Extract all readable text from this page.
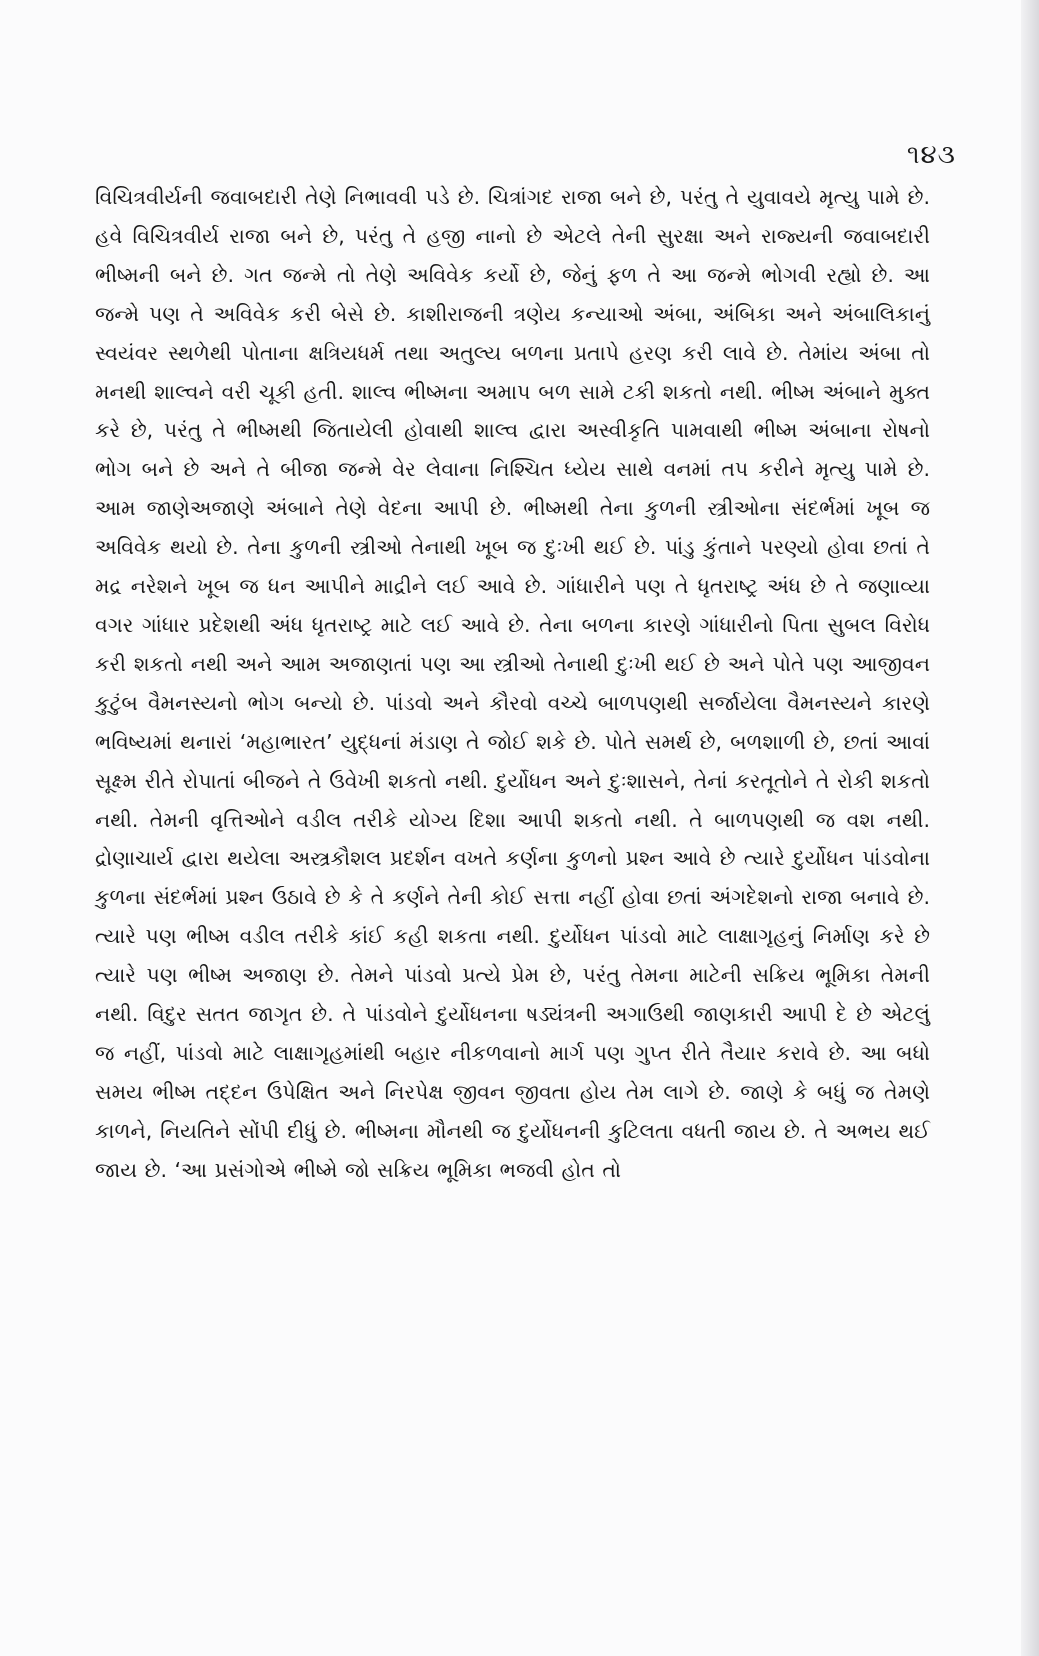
૧૪૩

વિચિત્રવીર્યની જવાબદારી તેણે નિભાવવી પડે છે. ચિત્રાંગદ રાજા બને છે, પરંતુ તે યુવાવયે મૃત્યુ પામે છે. હવે વિચિત્રવીર્ય રાજા બને છે, પરંતુ તે હજી નાનો છે એટલે તેની સુરક્ષા અને રાજ્યની જવાબદારી ભીષ્મની બને છે. ગત જન્મે તો તેણે અવિવેક કર્યો છે, જેનું ફળ તે આ જન્મે ભોગવી રહ્યો છે. આ જન્મે પણ તે અવિવેક કરી બેસે છે. કાશીરાજની ત્રણેય કન્યાઓ અંબા, અંબિકા અને અંબાલિકાનું સ્વયંવર સ્થળેથી પોતાના ક્ષત્રિયધર્મ તથા અતુલ્ય બળના પ્રતાપે હરણ કરી લાવે છે. તેમાંય અંબા તો મનથી શાલ્વને વરી ચૂકી હતી. શાલ્વ ભીષ્મના અમાપ બળ સામે ટકી શકતો નથી. ભીષ્મ અંબાને મુક્ત કરે છે, પરંતુ તે ભીષ્મથી જિતાયેલી હોવાથી શાલ્વ દ્વારા અસ્વીકૃતિ પામવાથી ભીષ્મ અંબાના રોષનો ભોગ બને છે અને તે બીજા જન્મે વેર લેવાના નિશ્ચિત ધ્યેય સાથે વનમાં તપ કરીને મૃત્યુ પામે છે. આમ જાણેઅજાણે અંબાને તેણે વેદના આપી છે. ભીષ્મથી તેના કુળની સ્ત્રીઓના સંદર્ભમાં ખૂબ જ અવિવેક થયો છે. તેના કુળની સ્ત્રીઓ તેનાથી ખૂબ જ દુઃખી થઈ છે. પાંડુ કુંતાને પરણ્યો હોવા છતાં તે મદ્ર નરેશને ખૂબ જ ધન આપીને માદ્રીને લઈ આવે છે. ગાંધારીને પણ તે ધૃતરાષ્ટ્ર અંધ છે તે જણાવ્યા વગર ગાંધાર પ્રદેશથી અંધ ધૃતરાષ્ટ્ર માટે લઈ આવે છે. તેના બળના કારણે ગાંધારીનો પિતા સુબલ વિરોધ કરી શકતો નથી અને આમ અજાણતાં પણ આ સ્ત્રીઓ તેનાથી દુઃખી થઈ છે અને પોતે પણ આજીવન કુટુંબ વૈમનસ્યનો ભોગ બન્યો છે. પાંડવો અને કૌરવો વચ્ચે બાળપણથી સર્જાયેલા વૈમનસ્યને કારણે ભવિષ્યમાં થનારાં ‘મહાભારત’ યુદ્ધનાં મંડાણ તે જોઈ શકે છે. પોતે સમર્થ છે, બળશાળી છે, છતાં આવાં સૂક્ષ્મ રીતે રોપાતાં બીજને તે ઉવેખી શકતો નથી. દુર્યોધન અને દુઃશાસને, તેનાં કરતૂતોને તે રોકી શકતો નથી. તેમની વૃત્તિઓને વડીલ તરીકે યોગ્ય દિશા આપી શકતો નથી. તે બાળપણથી જ વશ નથી. દ્રોણાચાર્ય દ્વારા થયેલા અસ્ત્રકૌશલ પ્રદર્શન વખતે કર્ણના કુળનો પ્રશ્ન આવે છે ત્યારે દુર્યોધન પાંડવોના કુળના સંદર્ભમાં પ્રશ્ન ઉઠાવે છે કે તે કર્ણને તેની કોઈ સત્તા નહીં હોવા છતાં અંગદેશનો રાજા બનાવે છે. ત્યારે પણ ભીષ્મ વડીલ તરીકે કાંઈ કહી શકતા નથી. દુર્યોધન પાંડવો માટે લાક્ષાગૃહનું નિર્માણ કરે છે ત્યારે પણ ભીષ્મ અજાણ છે. તેમને પાંડવો પ્રત્યે પ્રેમ છે, પરંતુ તેમના માટેની સક્રિય ભૂમિકા તેમની નથી. વિદુર સતત જાગૃત છે. તે પાંડવોને દુર્યોધનના ષડ્યંત્રની અગાઉથી જાણકારી આપી દે છે એટલું જ નહીં, પાંડવો માટે લાક્ષાગૃહમાંથી બહાર નીકળવાનો માર્ગ પણ ગુપ્ત રીતે તૈયાર કરાવે છે. આ બધો સમય ભીષ્મ તદ્દન ઉપેક્ષિત અને નિરપેક્ષ જીવન જીવતા હોય તેમ લાગે છે. જાણે કે બધું જ તેમણે કાળને, નિયતિને સોંપી દીધું છે. ભીષ્મના મૌનથી જ દુર્યોધનની કુટિલતા વધતી જાય છે. તે અભય થઈ જાય છે. ‘આ પ્રસંગોએ ભીષ્મે જો સક્રિય ભૂમિકા ભજવી હોત તો
